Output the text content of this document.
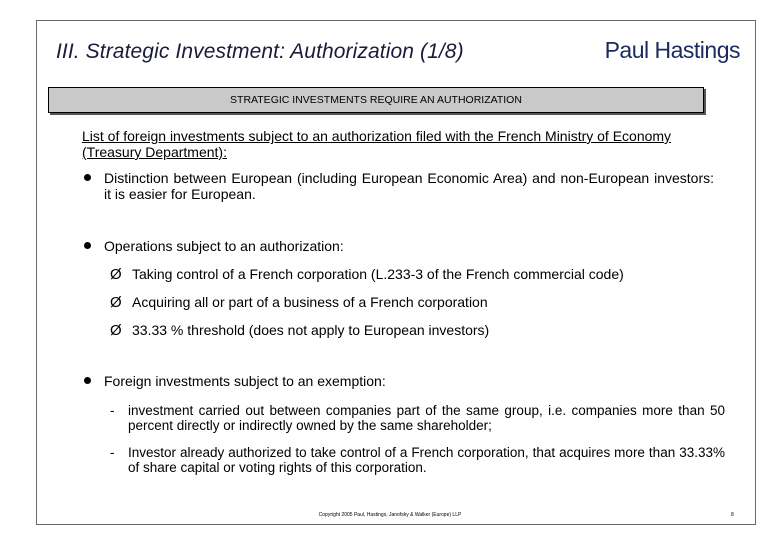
III. Strategic Investment: Authorization (1/8)	Paul Hastings
STRATEGIC INVESTMENTS REQUIRE AN AUTHORIZATION
List of foreign investments subject to an authorization filed with the French Ministry of Economy (Treasury Department):
Distinction between European (including European Economic Area) and non-European investors: it is easier for European.
Operations subject to an authorization:
Ø Taking control of a French corporation (L.233-3 of the French commercial code)
Ø Acquiring all or part of a business of a French corporation
Ø 33.33 % threshold (does not apply to European investors)
Foreign investments subject to an exemption:
- investment carried out between companies part of the same group, i.e. companies more than 50 percent directly or indirectly owned by the same shareholder;
- Investor already authorized to take control of a French corporation, that acquires more than 33.33% of share capital or voting rights of this corporation.
Copyright 2005 Paul, Hastings, Janofsky & Walker (Europe) LLP	8
